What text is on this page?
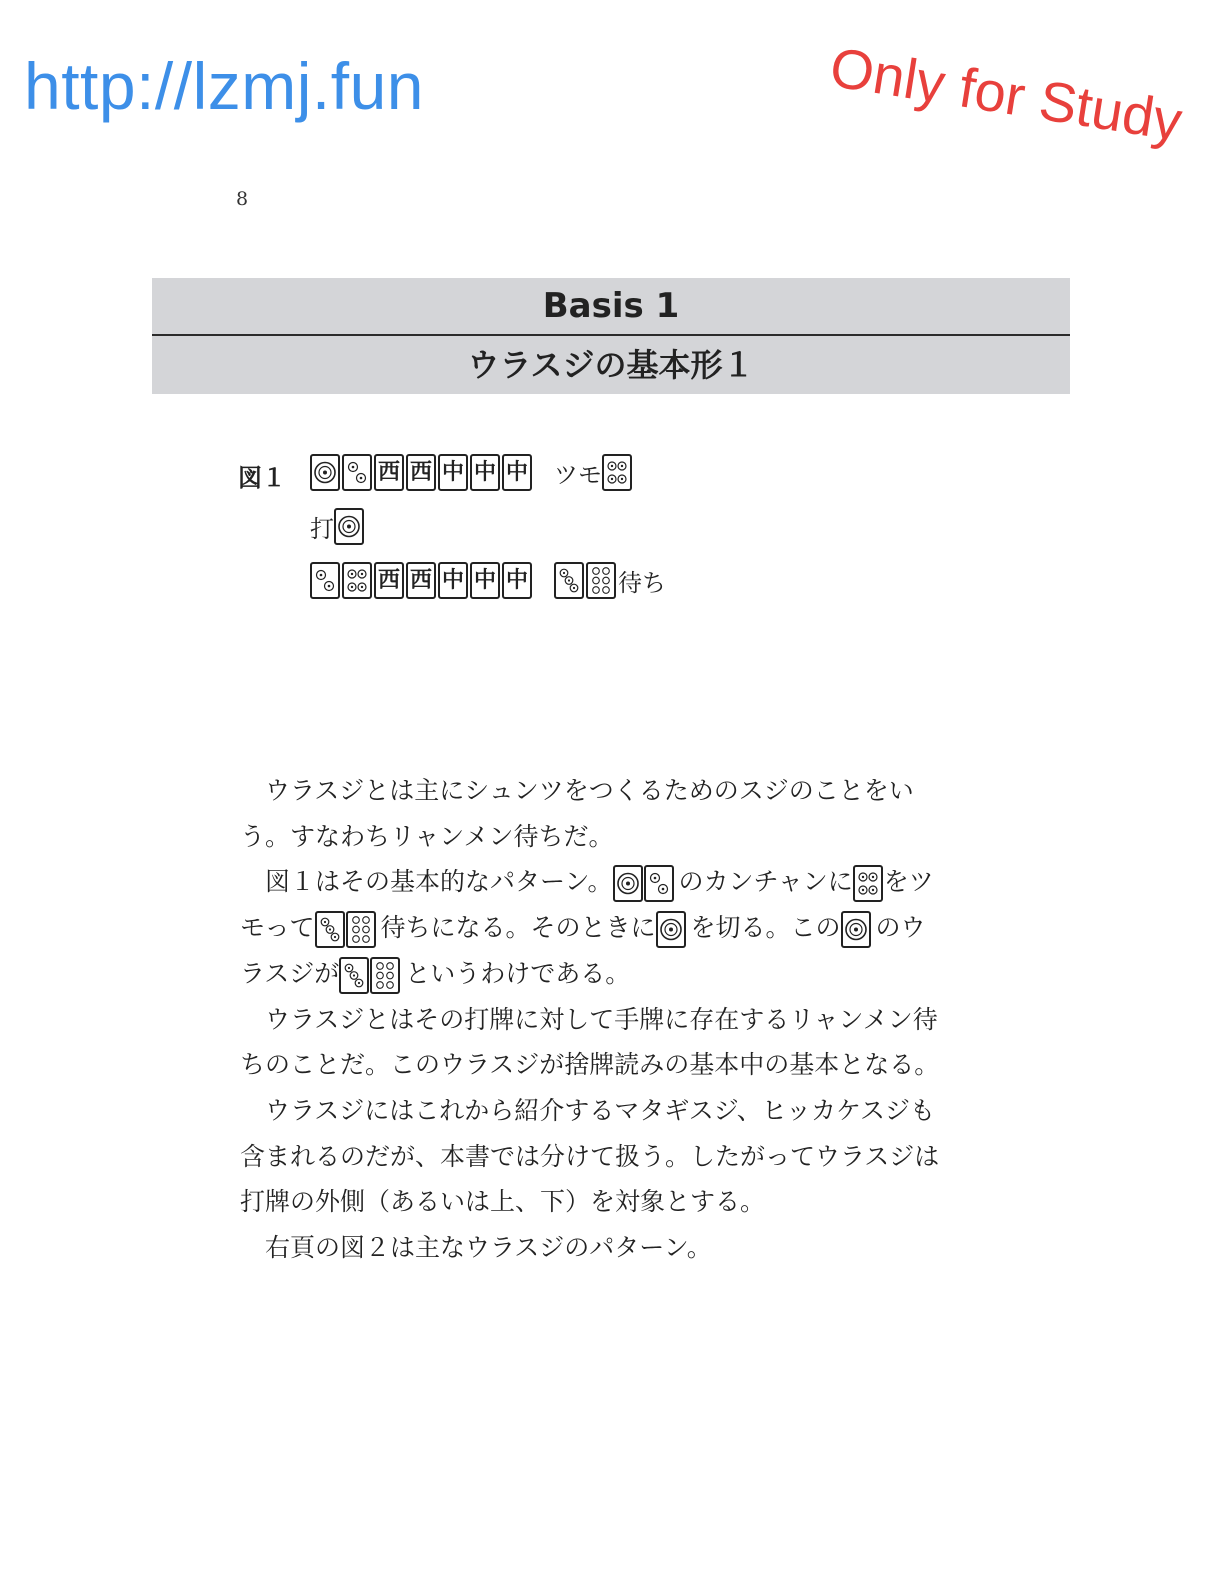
http://lzmj.fun	Only for Study
8
Basis 1
ウラスジの基本形１
図１	西 西 中 中 中 ツモ
打
西 西 中 中 中	待ち

ウラスジとは主にシュンツをつくるためのスジのことをいう。すなわちリャンメン待ちだ。

図１はその基本的なパターン。	のカンチャンに をツモって	待ちになる。そのときに を切る。この のウラスジが	というわけである。

ウラスジとはその打牌に対して手牌に存在するリャンメン待ちのことだ。このウラスジが捨牌読みの基本中の基本となる。

ウラスジにはこれから紹介するマタギスジ、ヒッカケスジも含まれるのだが、本書では分けて扱う。したがってウラスジは打牌の外側（あるいは上、下）を対象とする。

右頁の図２は主なウラスジのパターン。
